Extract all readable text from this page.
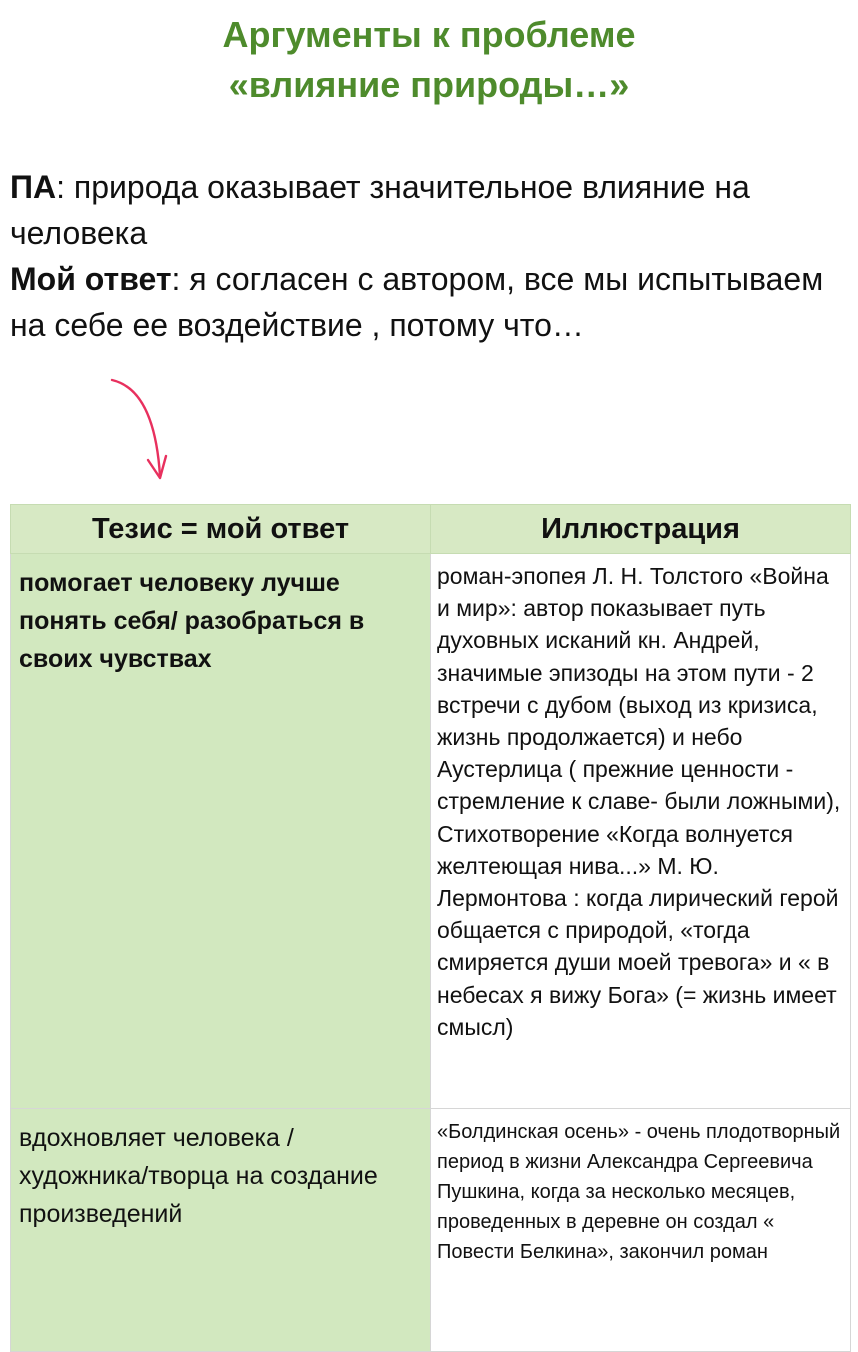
Аргументы к проблеме
«влияние природы…»
ПА: природа оказывает значительное влияние на человека
Мой ответ: я согласен с автором, все мы испытываем на себе ее воздействие , потому что…
Тезис = мой ответ	Иллюстрация
помогает человеку лучше понять себя/ разобраться в своих чувствах	роман-эпопея Л. Н. Толстого «Война и мир»: автор показывает путь духовных исканий кн. Андрей, значимые эпизоды на этом пути - 2 встречи с дубом (выход из кризиса, жизнь продолжается) и небо Аустерлица ( прежние ценности - стремление к славе- были ложными), Стихотворение «Когда волнуется желтеющая нива...» М. Ю. Лермонтова : когда лирический герой общается с природой, «тогда смиряется души моей тревога» и « в небесах я вижу Бога» (= жизнь имеет смысл)
вдохновляет человека / художника/творца на создание произведений	«Болдинская осень» - очень плодотворный период в жизни Александра Сергеевича Пушкина, когда за несколько месяцев, проведенных в деревне он создал « Повести Белкина», закончил роман
